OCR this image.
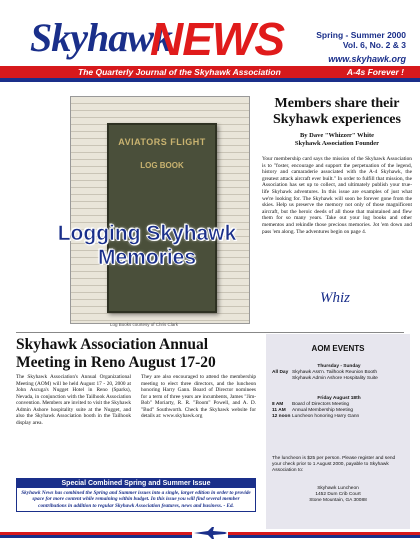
Skyhawk
NEWS	Spring - Summer 2000
Vol. 6, No. 2 & 3
www.skyhawk.org
The Quarterly Journal of the Skyhawk Association	A-4s Forever !
AVIATORS FLIGHT
LOG BOOK
Log Books courtesy of Chris Clark
Logging Skyhawk
Memories
Members share their Skyhawk experiences
By Dave "Whizzer" White
Skyhawk Association Founder

Your membership card says the mission of the Skyhawk Association is to "foster, encourage and support the perpetuation of the legend, history and camaraderie associated with the A-4 Skyhawk, the greatest attack aircraft ever built." In order to fulfill that mission, the Association has set up to collect, and ultimately publish your true-life Skyhawk adventures. In this issue are examples of just what we're looking for. The Skyhawk will soon be forever gone from the skies. Help us preserve the memory not only of those magnificent aircraft, but the heroic deeds of all those that maintained and flew them for so many years. Take out your log books and other mementos and rekindle those precious memories. Jot 'em down and pass 'em along. The adventures begin on page 4.

Whiz
Skyhawk Association Annual Meeting in Reno August 17-20
The Skyhawk Association's Annual Organizational Meeting (AOM) will be held August 17 - 20, 2000 at John Ascuga's Nugget Hotel in Reno (Sparks), Nevada, in conjunction with the Tailhook Association convention. Members are invited to visit the Skyhawk Admin Ashore hospitality suite at the Nugget, and also the Skyhawk Association booth in the Tailhook display area.
They are also encouraged to attend the membership meeting to elect three directors, and the luncheon honoring Harry Gann. Board of Director nominees for a term of three years are incumbents, James "Jim-Bob" Moriarty, R. R. "Boom" Powell, and A. D. "Bud" Southworth. Check the Skyhawk website for details at: www.skyhawk.org
Special Combined Spring and Summer Issue
Skyhawk News has combined the Spring and Summer issues into a single, larger edition in order to provide space for more content while remaining within budget. In this issue you will find several member contributions in addition to regular Skyhawk Association features, news and business. - Ed.
AOM EVENTS
Thursday - Sunday
All Day Skyhawk Ass'n. Tailhook Reunion Booth
Skyhawk Admin Ashore Hospitality Suite
Friday August 18th
8 AM	Board of Directors Meeting
11 AM	Annual Membership Meeting
12 noon Luncheon honoring Harry Gann
The luncheon is $25 per person. Please register and send your check prior to 1 August 2000, payable to Skyhawk Association to:
Skyhawk Luncheon
1452 Dum Crib Court
Stone Mountain, GA 30088
